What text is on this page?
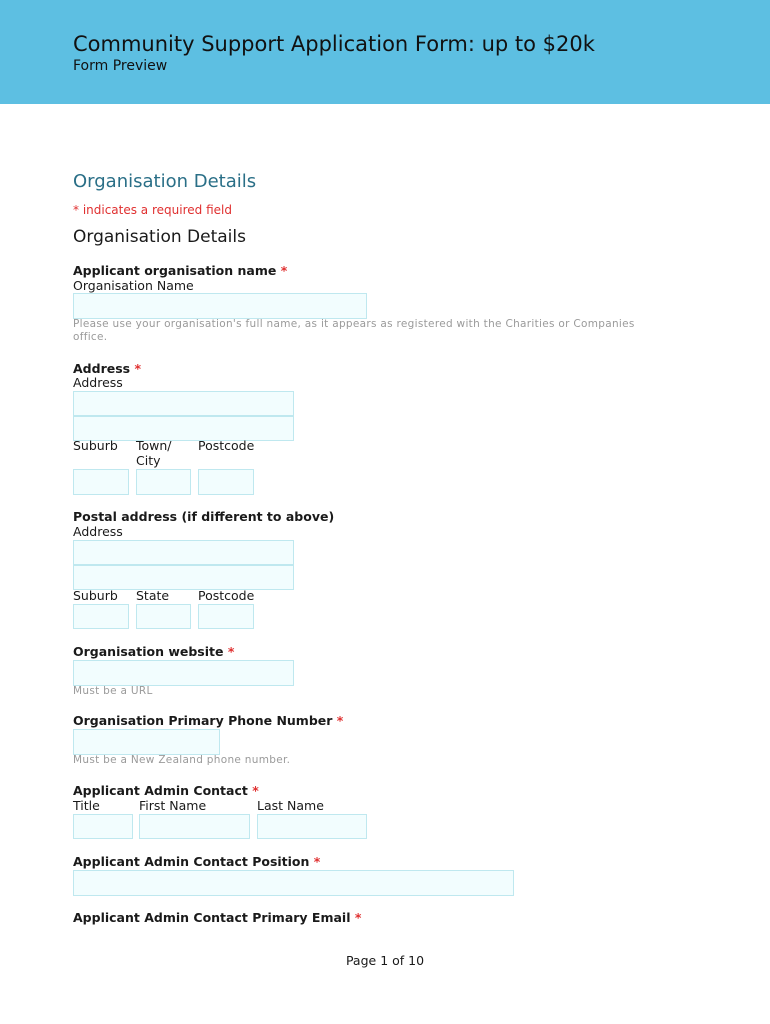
Community Support Application Form: up to $20k
Form Preview
Organisation Details
* indicates a required field
Organisation Details
Applicant organisation name *
Organisation Name
Please use your organisation's full name, as it appears as registered with the Charities or Companies
office.
Address *
Address
Suburb Town/
City
Postcode
Postal address (if different to above)
Address
Suburb State Postcode
Organisation website *
Must be a URL
Organisation Primary Phone Number *
Must be a New Zealand phone number.
Applicant Admin Contact *
Title	First Name	Last Name
Applicant Admin Contact Position *
Applicant Admin Contact Primary Email *
Page 1 of 10
